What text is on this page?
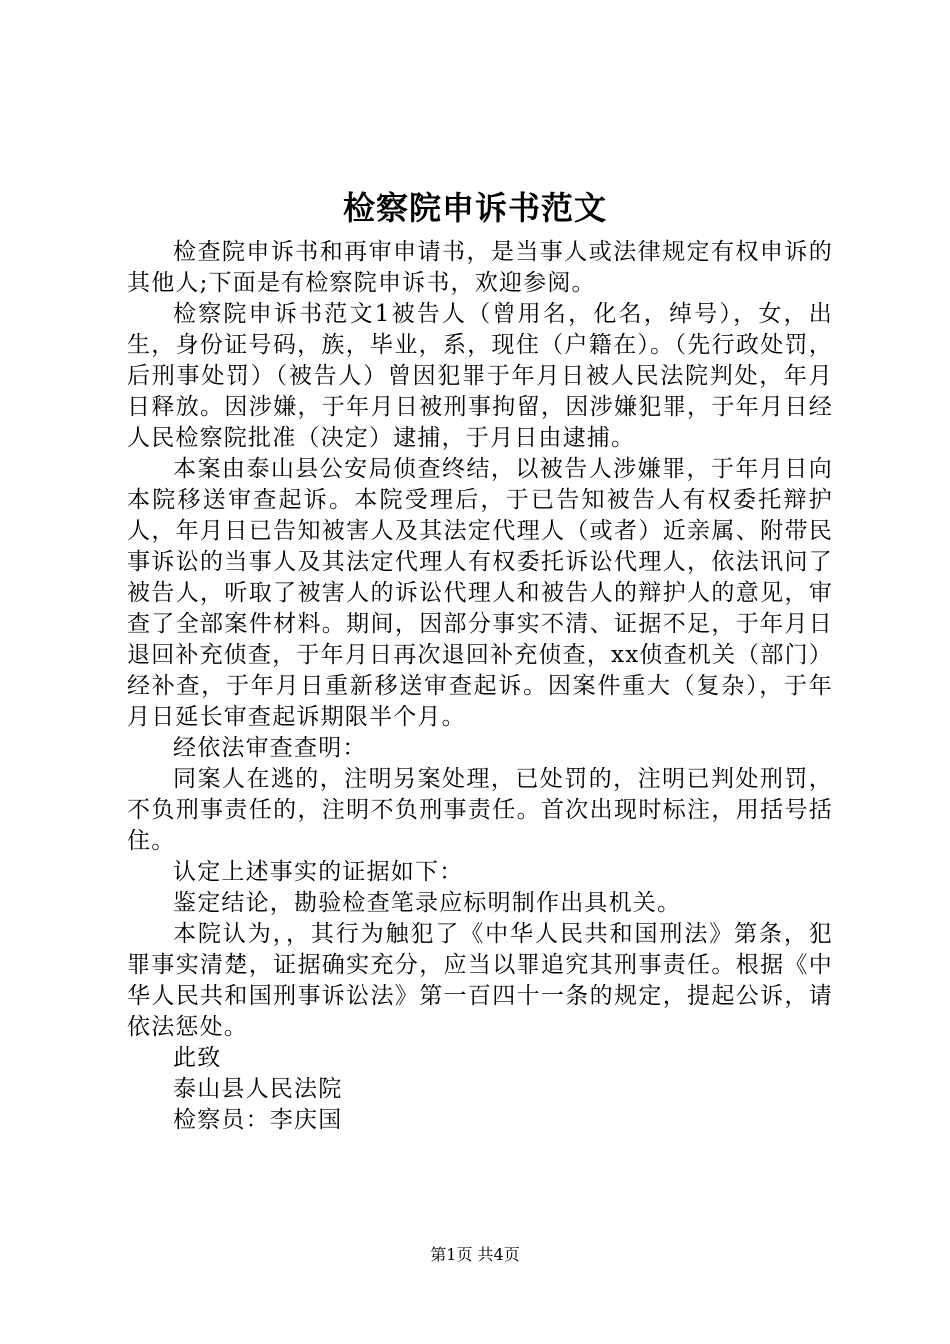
检察院申诉书范文

检查院申诉书和再审申请书，是当事人或法律规定有权申诉的其他人;下面是有检察院申诉书，欢迎参阅。

检察院申诉书范文1被告人（曾用名，化名，绰号），女，出生，身份证号码，族，毕业，系，现住（户籍在）。（先行政处罚，后刑事处罚）（被告人）曾因犯罪于年月日被人民法院判处，年月日释放。因涉嫌，于年月日被刑事拘留，因涉嫌犯罪，于年月日经人民检察院批准（决定）逮捕，于月日由逮捕。

本案由泰山县公安局侦查终结，以被告人涉嫌罪，于年月日向本院移送审查起诉。本院受理后，于已告知被告人有权委托辩护人，年月日已告知被害人及其法定代理人（或者）近亲属、附带民事诉讼的当事人及其法定代理人有权委托诉讼代理人，依法讯问了被告人，听取了被害人的诉讼代理人和被告人的辩护人的意见，审查了全部案件材料。期间，因部分事实不清、证据不足，于年月日退回补充侦查，于年月日再次退回补充侦查，xx侦查机关（部门）经补查，于年月日重新移送审查起诉。因案件重大（复杂），于年月日延长审查起诉期限半个月。

经依法审查查明：

同案人在逃的，注明另案处理，已处罚的，注明已判处刑罚，不负刑事责任的，注明不负刑事责任。首次出现时标注，用括号括住。

认定上述事实的证据如下：

鉴定结论，勘验检查笔录应标明制作出具机关。

本院认为，，其行为触犯了《中华人民共和国刑法》第条，犯罪事实清楚，证据确实充分，应当以罪追究其刑事责任。根据《中华人民共和国刑事诉讼法》第一百四十一条的规定，提起公诉，请依法惩处。

此致

泰山县人民法院

检察员：李庆国

第1页 共4页
